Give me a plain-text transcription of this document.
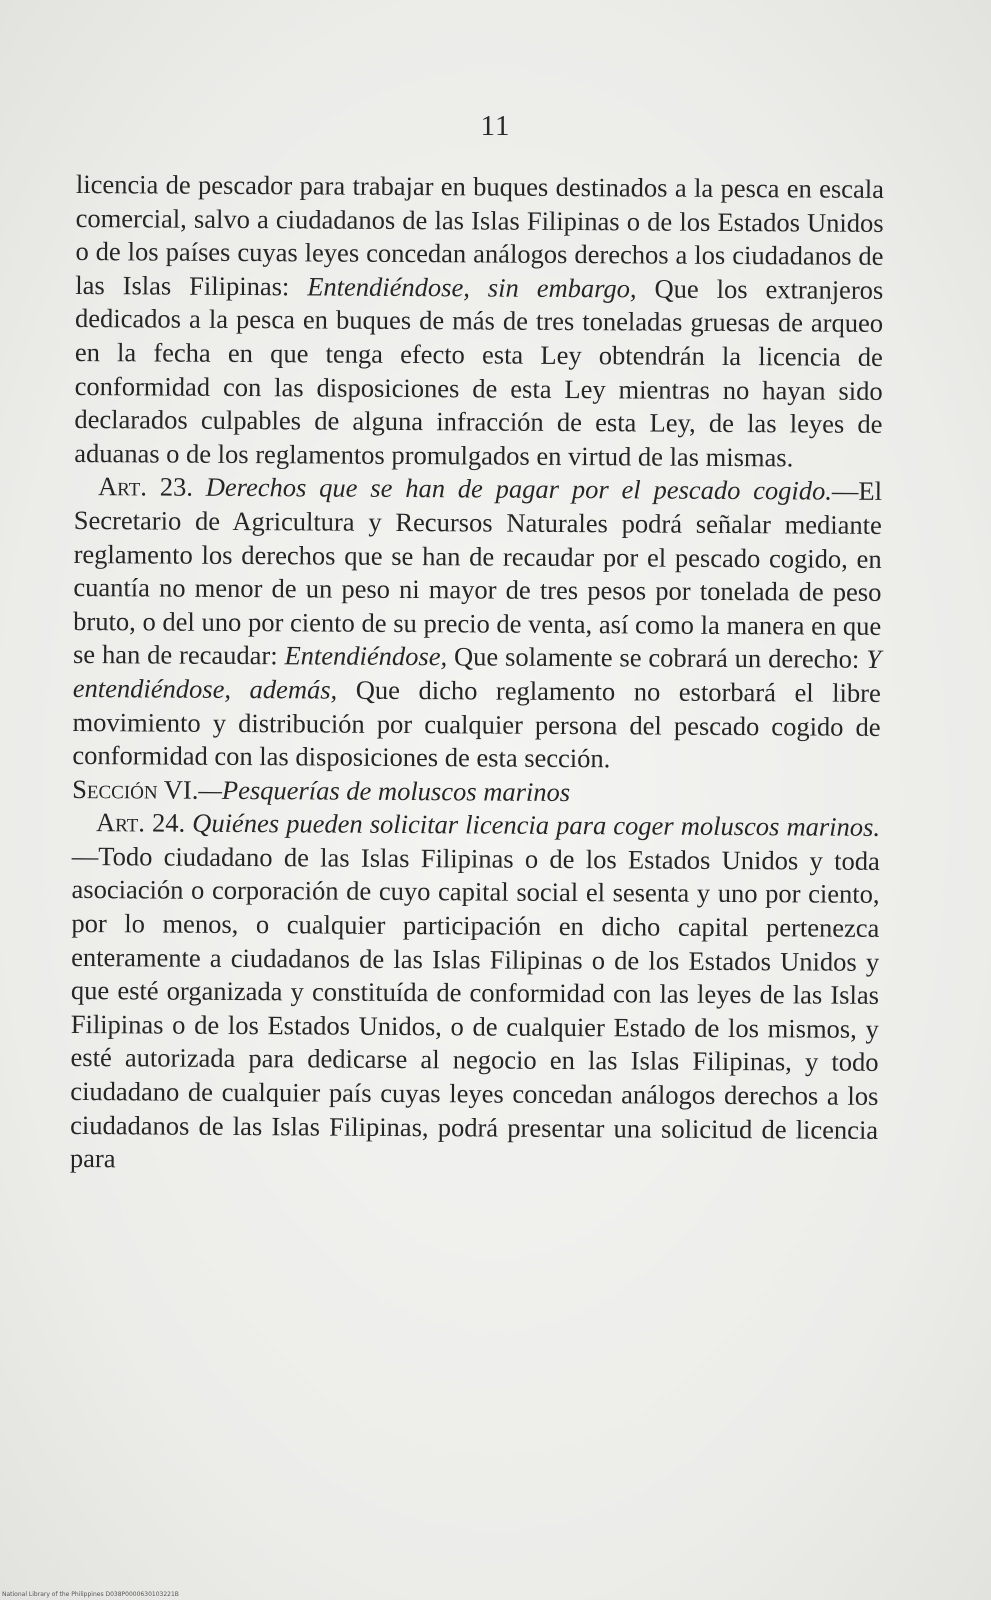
11

licencia de pescador para trabajar en buques destinados a la pesca en escala comercial, salvo a ciudadanos de las Islas Filipinas o de los Estados Unidos o de los países cuyas leyes concedan análogos derechos a los ciudadanos de las Islas Filipinas: Entendiéndose, sin embargo, Que los extranjeros dedicados a la pesca en buques de más de tres toneladas gruesas de arqueo en la fecha en que tenga efecto esta Ley obtendrán la licencia de conformidad con las disposiciones de esta Ley mientras no hayan sido declarados culpables de alguna infracción de esta Ley, de las leyes de aduanas o de los reglamentos promulgados en virtud de las mismas.

Art. 23. Derechos que se han de pagar por el pescado cogido.—El Secretario de Agricultura y Recursos Naturales podrá señalar mediante reglamento los derechos que se han de recaudar por el pescado cogido, en cuantía no menor de un peso ni mayor de tres pesos por tonelada de peso bruto, o del uno por ciento de su precio de venta, así como la manera en que se han de recaudar: Entendiéndose, Que solamente se cobrará un derecho: Y entendiéndose, además, Que dicho reglamento no estorbará el libre movimiento y distribución por cualquier persona del pescado cogido de conformidad con las disposiciones de esta sección.

Sección VI.—Pesquerías de moluscos marinos

Art. 24. Quiénes pueden solicitar licencia para coger moluscos marinos.—Todo ciudadano de las Islas Filipinas o de los Estados Unidos y toda asociación o corporación de cuyo capital social el sesenta y uno por ciento, por lo menos, o cualquier participación en dicho capital pertenezca enteramente a ciudadanos de las Islas Filipinas o de los Estados Unidos y que esté organizada y constituída de conformidad con las leyes de las Islas Filipinas o de los Estados Unidos, o de cualquier Estado de los mismos, y esté autorizada para dedicarse al negocio en las Islas Filipinas, y todo ciudadano de cualquier país cuyas leyes concedan análogos derechos a los ciudadanos de las Islas Filipinas, podrá presentar una solicitud de licencia para

National Library of the Philippines D038P0000630103221B
